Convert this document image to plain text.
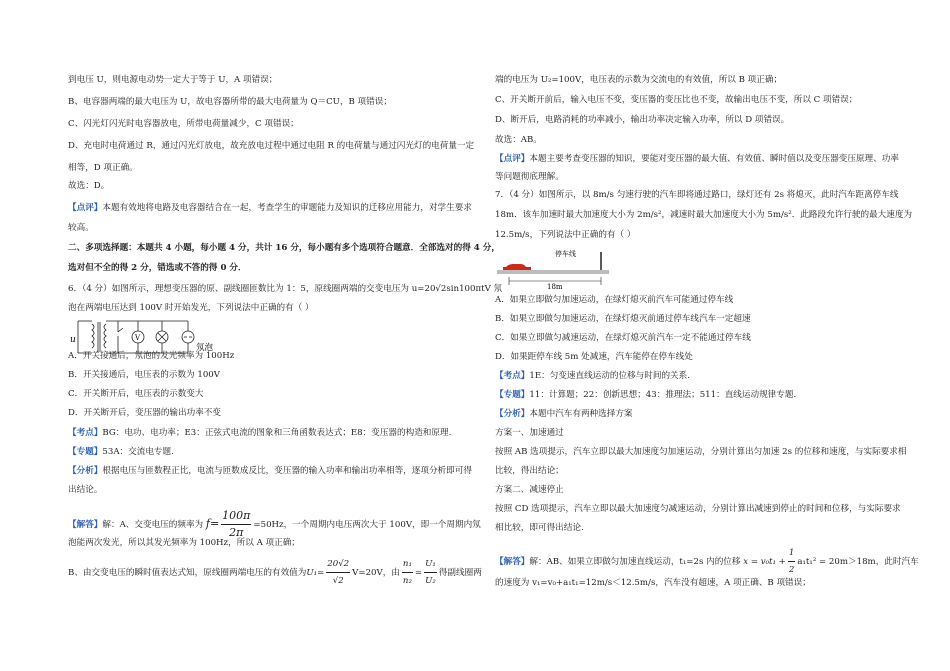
到电压 U，则电源电动势一定大于等于 U，A 项错误；
B、电容器两端的最大电压为 U，故电容器所带的最大电荷量为 Q＝CU，B 项错误；
C、闪光灯闪光时电容器放电，所带电荷量减少，C 项错误；
D、充电时电荷通过 R，通过闪光灯放电，故充放电过程中通过电阻 R 的电荷量与通过闪光灯的电荷量一定
相等，D 项正确。
故选：D。
【点评】本题有效地将电路及电容器结合在一起，考查学生的审题能力及知识的迁移应用能力，对学生要求
较高。
二、多项选择题：本题共 4 小题，每小题 4 分，共计 16 分，每小题有多个选项符合题意．全部选对的得 4 分，
选对但不全的得 2 分，错选或不答的得 0 分．
6．（4 分）如图所示，理想变压器的原、副线圈匝数比为 1：5，原线圈两端的交变电压为 u=20√2sin100πtV 氖
泡在两端电压达到 100V 时开始发光，下列说法中正确的有（ ）
u	V
氖泡
A．开关接通后，氖泡的发光频率为 100Hz
B．开关接通后，电压表的示数为 100V
C．开关断开后，电压表的示数变大
D．开关断开后，变压器的输出功率不变
【考点】BG：电功、电功率；E3：正弦式电流的图象和三角函数表达式；E8：变压器的构造和原理.
【专题】53A：交流电专题.
【分析】根据电压与匝数程正比，电流与匝数成反比，变压器的输入功率和输出功率相等，逐项分析即可得
出结论。
【解答】解：A、交变电压的频率为 $f= \frac{100\pi}{2\pi} =50Hz$，一个周期内电压两次大于 100V，即一个周期内氖
泡能两次发光，所以其发光频率为 100Hz，所以 A 项正确；
B、由交变电压的瞬时值表达式知，原线圈两端电压的有效值为$U_1= \frac{20√2}{√2} V=20V$，由 $\frac{\text{n₁}}{\text{n₂}} = \frac{\text{U₁}}{\text{U₂}}$ 得副线圈两
端的电压为 U₂=100V，电压表的示数为交流电的有效值，所以 B 项正确；
C、开关断开前后，输入电压不变，变压器的变压比也不变，故输出电压不变，所以 C 项错误；
D、断开后，电路消耗的功率减小，输出功率决定输入功率，所以 D 项错误。
故选：AB。
【点评】本题主要考查变压器的知识，要能对变压器的最大值、有效值、瞬时值以及变压器变压原理、功率
等问题彻底理解。
7．（4 分）如图所示，以 8m/s 匀速行驶的汽车即将通过路口，绿灯还有 2s 将熄灭，此时汽车距离停车线
18m．该车加速时最大加速度大小为 2m/s²，减速时最大加速度大小为 5m/s²．此路段允许行驶的最大速度为
12.5m/s，下列说法中正确的有（ ）
停车线
18m
A．如果立即做匀加速运动，在绿灯熄灭前汽车可能通过停车线
B．如果立即做匀加速运动，在绿灯熄灭前通过停车线汽车一定超速
C．如果立即做匀减速运动，在绿灯熄灭前汽车一定不能通过停车线
D．如果距停车线 5m 处减速，汽车能停在停车线处
【考点】1E：匀变速直线运动的位移与时间的关系.
【专题】11：计算题；22：创新思想；43：推理法；511：直线运动规律专题.
【分析】本题中汽车有两种选择方案
方案一、加速通过
按照 AB 选项提示，汽车立即以最大加速度匀加速运动，分别计算出匀加速 2s 的位移和速度，与实际要求相
比较，得出结论；
方案二、减速停止
按照 CD 选项提示，汽车立即以最大加速度匀减速运动，分别计算出减速到停止的时间和位移，与实际要求
相比较，即可得出结论.
【解答】解：AB、如果立即做匀加速直线运动，t₁=2s 内的位移 $x = v_0t_1 + \frac{1}{2} a_1t_1^2 = 20m>18m$，此时汽车
的速度为 v₁=v₀+a₁t₁=12m/s＜12.5m/s，汽车没有超速，A 项正确、B 项错误；
